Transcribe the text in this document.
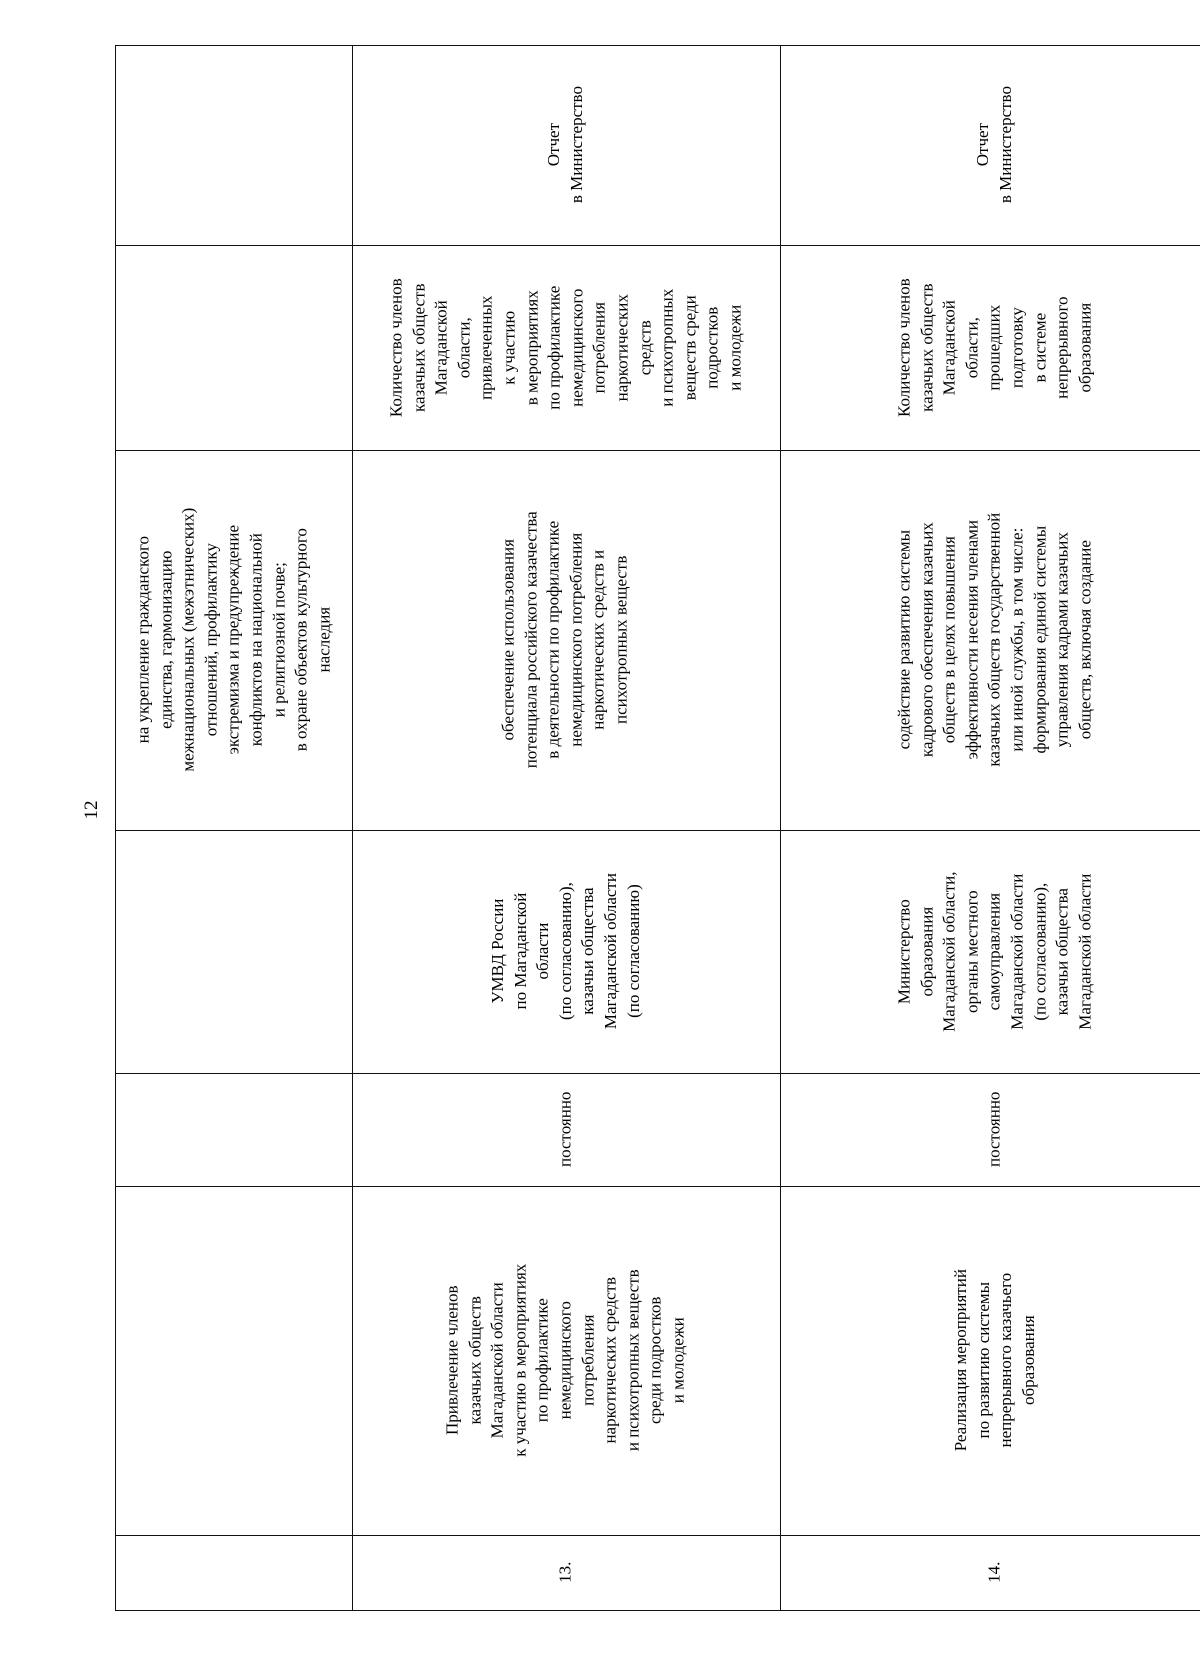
12
на укрепление гражданского единства, гармонизацию межнациональных (межэтнических) отношений, профилактику экстремизма и предупреждение конфликтов на национальной и религиозной почве; в охране объектов культурного наследия
13.
Привлечение членов казачьих обществ Магаданской области к участию в мероприятиях по профилактике немедицинского потребления наркотических средств и психотропных веществ среди подростков и молодежи
постоянно
УМВД России по Магаданской области (по согласованию), казачьи общества Магаданской области (по согласованию)
обеспечение использования потенциала российского казачества в деятельности по профилактике немедицинского потребления наркотических средств и психотропных веществ
Количество членов казачьих обществ Магаданской области, привлеченных к участию в мероприятиях по профилактике немедицинского потребления наркотических средств и психотропных веществ среди подростков и молодежи
Отчет в Министерство
14.
Реализация мероприятий по развитию системы непрерывного казачьего образования
постоянно
Министерство образования Магаданской области, органы местного самоуправления Магаданской области (по согласованию), казачьи общества Магаданской области
содействие развитию системы кадрового обеспечения казачьих обществ в целях повышения эффективности несения членами казачьих обществ государственной или иной службы, в том числе: формирования единой системы управления кадрами казачьих обществ, включая создание
Количество членов казачьих обществ Магаданской области, прошедших подготовку в системе непрерывного образования
Отчет в Министерство
